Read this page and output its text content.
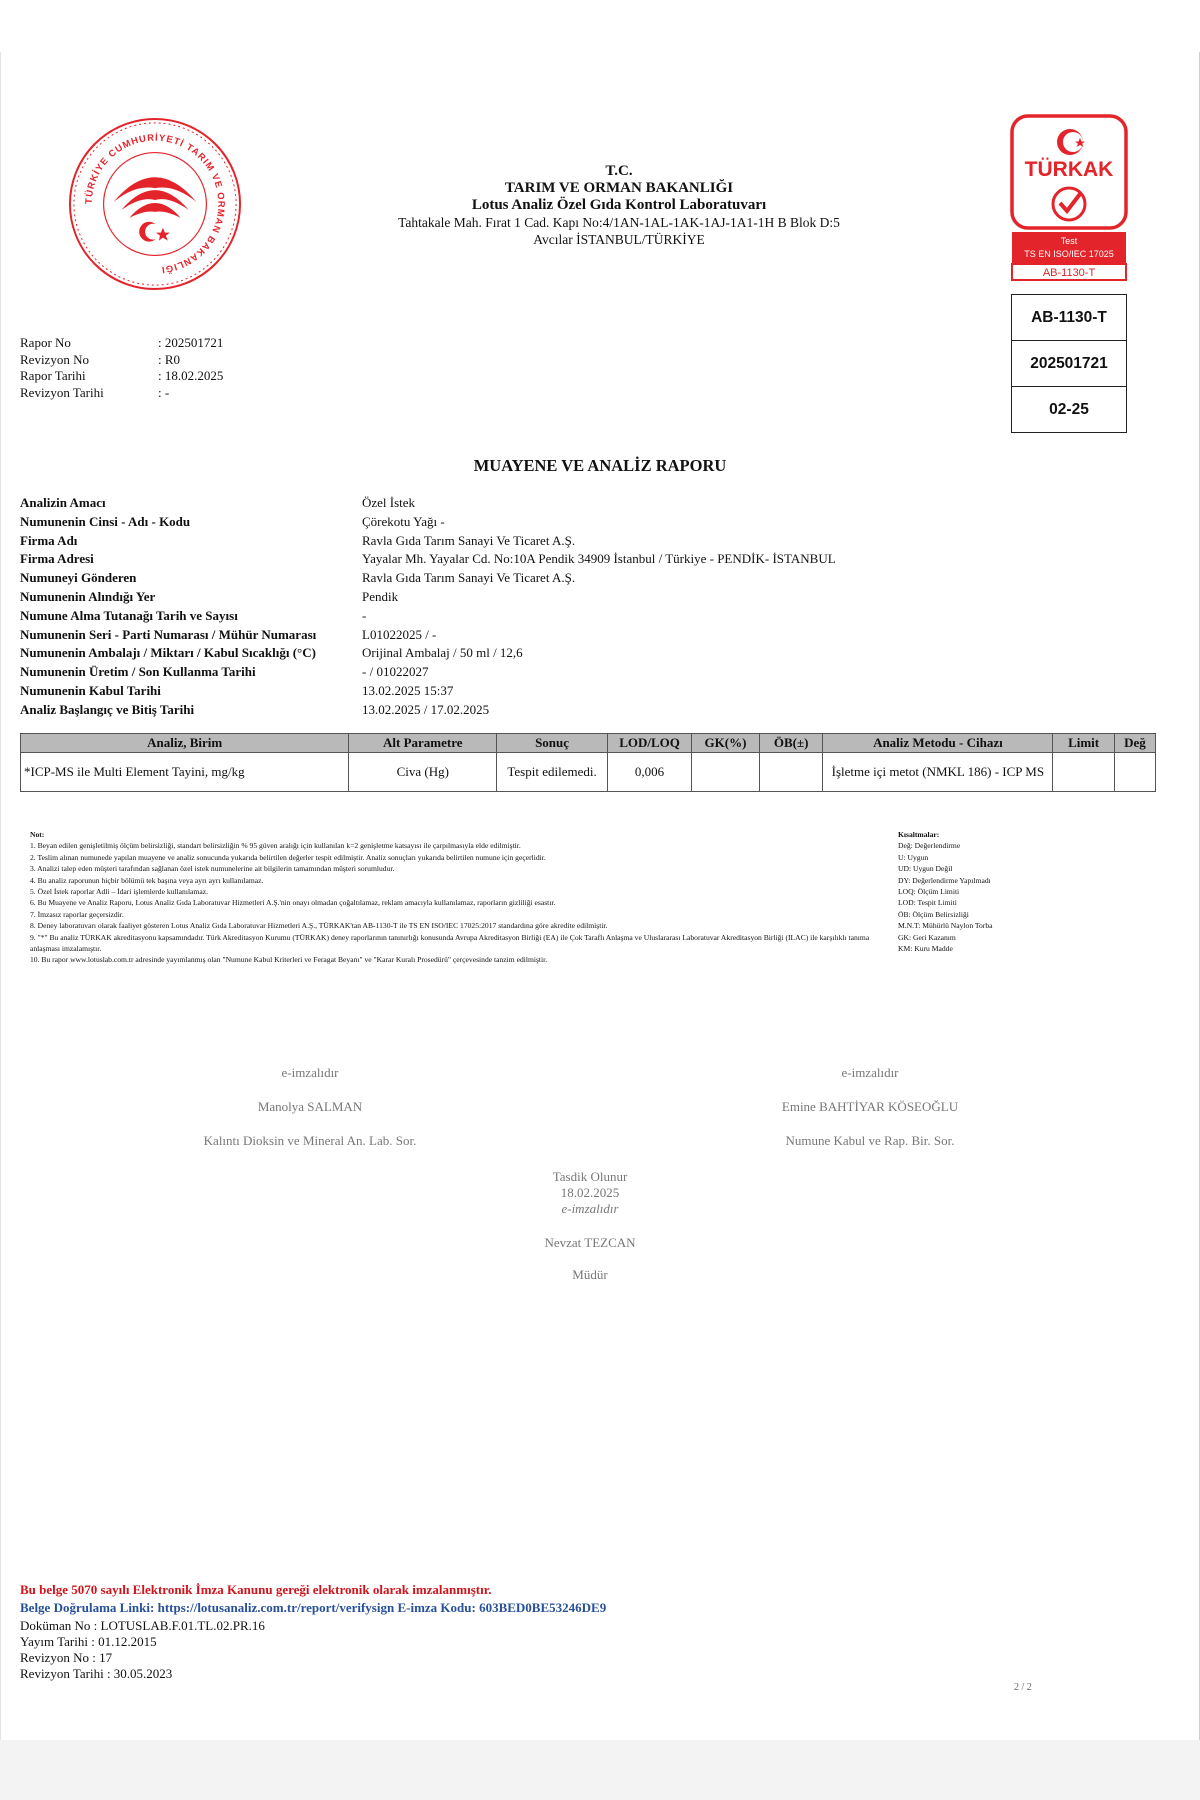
TÜRKİYE CUMHURİYETİ TARIM VE ORMAN BAKANLIĞI
T.C.
TARIM VE ORMAN BAKANLIĞI
Lotus Analiz Özel Gıda Kontrol Laboratuvarı
Tahtakale Mah. Fırat 1 Cad. Kapı No:4/1AN-1AL-1AK-1AJ-1A1-1H B Blok D:5
Avcılar İSTANBUL/TÜRKİYE
TÜRKAK
Test
TS EN ISO/IEC 17025
AB-1130-T
AB-1130-T
202501721
02-25
Rapor No	: 202501721
Revizyon No	: R0
Rapor Tarihi	: 18.02.2025
Revizyon Tarihi	: -
MUAYENE VE ANALİZ RAPORU
Analizin Amacı	Özel İstek
Numunenin Cinsi - Adı - Kodu	Çörekotu Yağı -
Firma Adı	Ravla Gıda Tarım Sanayi Ve Ticaret A.Ş.
Firma Adresi	Yayalar Mh. Yayalar Cd. No:10A Pendik 34909 İstanbul / Türkiye - PENDİK- İSTANBUL
Numuneyi Gönderen	Ravla Gıda Tarım Sanayi Ve Ticaret A.Ş.
Numunenin Alındığı Yer	Pendik
Numune Alma Tutanağı Tarih ve Sayısı	-
Numunenin Seri - Parti Numarası / Mühür Numarası	L01022025 / -
Numunenin Ambalajı / Miktarı / Kabul Sıcaklığı (°C)	Orijinal Ambalaj / 50 ml / 12,6
Numunenin Üretim / Son Kullanma Tarihi	- / 01022027
Numunenin Kabul Tarihi	13.02.2025 15:37
Analiz Başlangıç ve Bitiş Tarihi	13.02.2025 / 17.02.2025
Analiz, Birim	Alt Parametre	Sonuç	LOD/LOQ	GK(%)	ÖB(±)	Analiz Metodu - Cihazı	Limit	Değ
*ICP-MS ile Multi Element Tayini, mg/kg	Civa (Hg)	Tespit edilemedi.	0,006			İşletme içi metot (NMKL 186) - ICP MS		
Not:
1. Beyan edilen genişletilmiş ölçüm belirsizliği, standart belirsizliğin % 95 güven aralığı için kullanılan k=2 genişletme katsayısı ile çarpılmasıyla elde edilmiştir.
2. Teslim alınan numunede yapılan muayene ve analiz sonucunda yukarıda belirtilen değerler tespit edilmiştir. Analiz sonuçları yukarıda belirtilen numune için geçerlidir.
3. Analizi talep eden müşteri tarafından sağlanan özel istek numunelerine ait bilgilerin tamamından müşteri sorumludur.
4. Bu analiz raporunun hiçbir bölümü tek başına veya ayrı ayrı kullanılamaz.
5. Özel İstek raporlar Adli – İdari işlemlerde kullanılamaz.
6. Bu Muayene ve Analiz Raporu, Lotus Analiz Gıda Laboratuvar Hizmetleri A.Ş.'nin onayı olmadan çoğaltılamaz, reklam amacıyla kullanılamaz, raporların gizliliği esastır.
7. İmzasız raporlar geçersizdir.
8. Deney laboratuvarı olarak faaliyet gösteren Lotus Analiz Gıda Laboratuvar Hizmetleri A.Ş., TÜRKAK'tan AB-1130-T ile TS EN ISO/IEC 17025:2017 standardına göre akredite edilmiştir.
9. "*" Bu analiz TÜRKAK akreditasyonu kapsamındadır. Türk Akreditasyon Kurumu (TÜRKAK) deney raporlarının tanınırlığı konusunda Avrupa Akreditasyon Birliği (EA) ile Çok Taraflı Anlaşma ve Uluslararası Laboratuvar Akreditasyon Birliği (ILAC) ile karşılıklı tanıma anlaşması imzalamıştır.
10. Bu rapor www.lotuslab.com.tr adresinde yayımlanmış olan "Numune Kabul Kriterleri ve Feragat Beyanı" ve "Karar Kuralı Prosedürü" çerçevesinde tanzim edilmiştir.
Kısaltmalar:
Değ: Değerlendirme
U: Uygun
UD: Uygun Değil
DY: Değerlendirme Yapılmadı
LOQ: Ölçüm Limiti
LOD: Tespit Limiti
ÖB: Ölçüm Belirsizliği
M.N.T: Mühürlü Naylon Torba
GK: Geri Kazanım
KM: Kuru Madde
e-imzalıdır
Manolya SALMAN
Kalıntı Dioksin ve Mineral An. Lab. Sor.
e-imzalıdır
Emine BAHTİYAR KÖSEOĞLU
Numune Kabul ve Rap. Bir. Sor.
Tasdik Olunur
18.02.2025
e-imzalıdır
Nevzat TEZCAN
Müdür
Bu belge 5070 sayılı Elektronik İmza Kanunu gereği elektronik olarak imzalanmıştır.
Belge Doğrulama Linki: https://lotusanaliz.com.tr/report/verifysign E-imza Kodu: 603BED0BE53246DE9
Doküman No : LOTUSLAB.F.01.TL.02.PR.16
Yayım Tarihi : 01.12.2015
Revizyon No : 17
Revizyon Tarihi : 30.05.2023
2 / 2
